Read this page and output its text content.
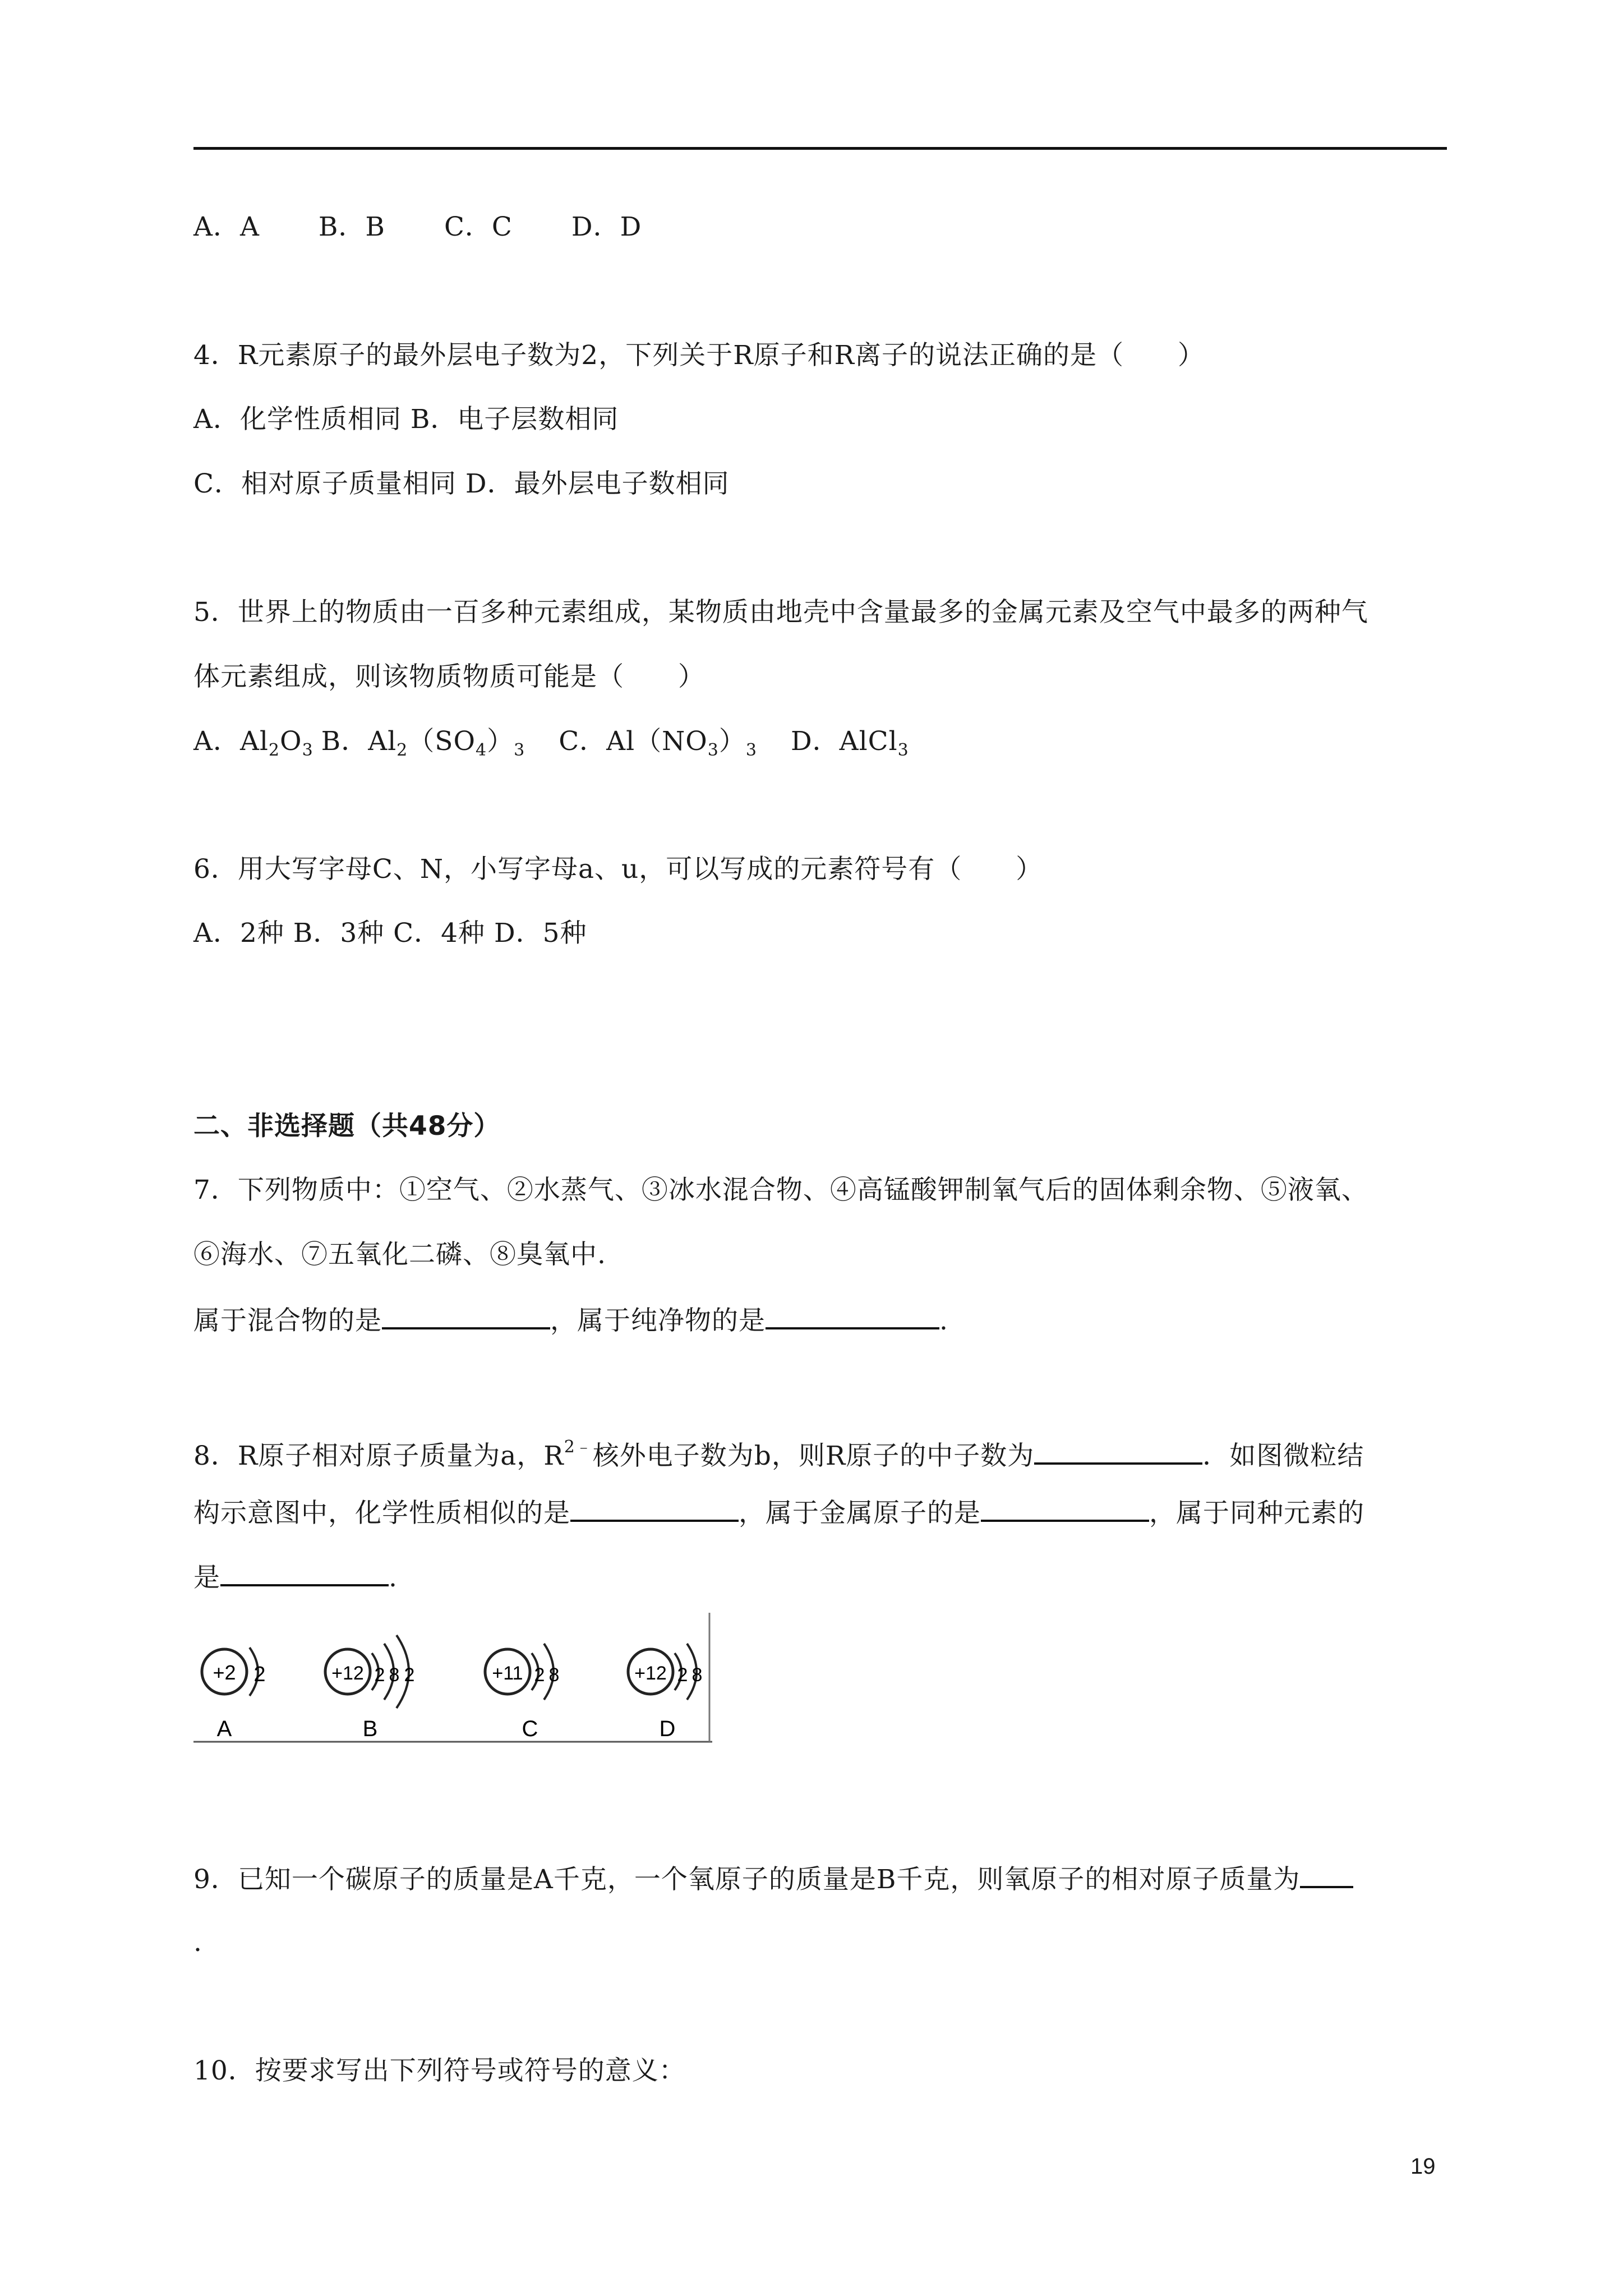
A．A B．B C．C D．D
4．R元素原子的最外层电子数为2，下列关于R原子和R离子的说法正确的是（　　）
A．化学性质相同 B．电子层数相同
C．相对原子质量相同 D．最外层电子数相同
5．世界上的物质由一百多种元素组成，某物质由地壳中含量最多的金属元素及空气中最多的两种气
体元素组成，则该物质物质可能是（　　）
A．$Al_2O_3$ B．$Al_2(SO_4)_3$ C．$Al(NO_3)_3$ D．AlCl$_3$
6．用大写字母C、N，小写字母a、u，可以写成的元素符号有（　　）
A．2种 B．3种 C．4种 D．5种
二、非选择题（共48分）
7．下列物质中：①空气、②水蒸气、③冰水混合物、④高锰酸钾制氧气后的固体剩余物、⑤液氧、
⑥海水、⑦五氧化二磷、⑧臭氧中.
属于混合物的是	，属于纯净物的是	.
8．R原子相对原子质量为a，$R^{2﹣}$核外电子数为b，则R原子的中子数为	．如图微粒结
构示意图中，化学性质相似的是	，属于金属原子的是	，属于同种元素的
是	.
+2 2
A
+12 2 8 2
B
+11 2 8
C
+12 2 8
D
9．已知一个碳原子的质量是A千克，一个氧原子的质量是B千克，则氧原子的相对原子质量为
.
10．按要求写出下列符号或符号的意义：
19
